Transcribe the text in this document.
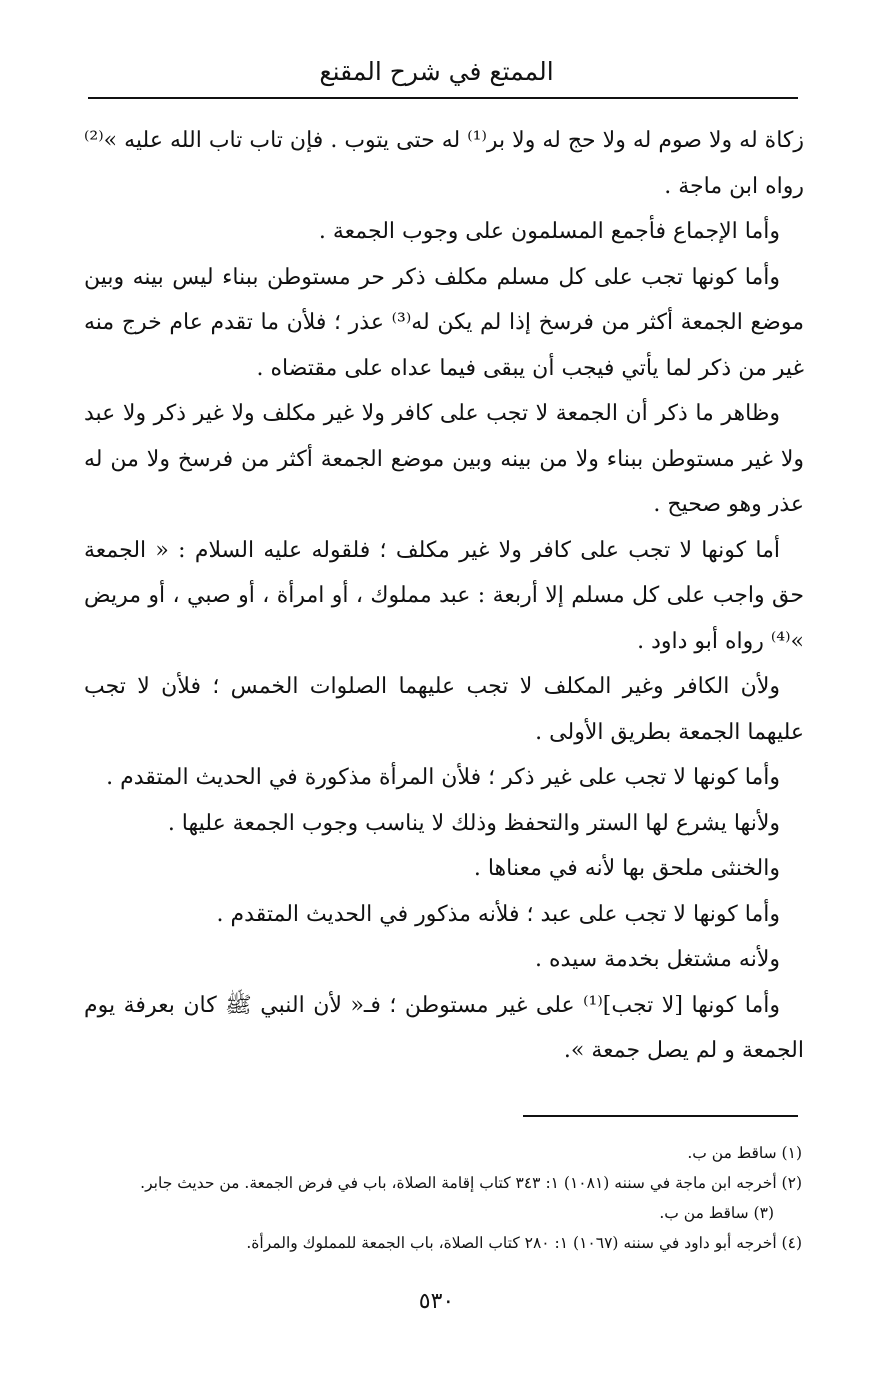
الممتع في شرح المقنع

زكاة له ولا صوم له ولا حج له ولا بر⁽¹⁾ له حتى يتوب . فإن تاب تاب الله عليه »⁽²⁾ رواه ابن ماجة .

وأما الإجماع فأجمع المسلمون على وجوب الجمعة .

وأما كونها تجب على كل مسلم مكلف ذكر حر مستوطن ببناء ليس بينه وبين موضع الجمعة أكثر من فرسخ إذا لم يكن له⁽³⁾ عذر ؛ فلأن ما تقدم عام خرج منه غير من ذكر لما يأتي فيجب أن يبقى فيما عداه على مقتضاه .

وظاهر ما ذكر أن الجمعة لا تجب على كافر ولا غير مكلف ولا غير ذكر ولا عبد ولا غير مستوطن ببناء ولا من بينه وبين موضع الجمعة أكثر من فرسخ ولا من له عذر وهو صحيح .

أما كونها لا تجب على كافر ولا غير مكلف ؛ فلقوله عليه السلام : « الجمعة حق واجب على كل مسلم إلا أربعة : عبد مملوك ، أو امرأة ، أو صبي ، أو مريض »⁽⁴⁾ رواه أبو داود .

ولأن الكافر وغير المكلف لا تجب عليهما الصلوات الخمس ؛ فلأن لا تجب عليهما الجمعة بطريق الأولى .

وأما كونها لا تجب على غير ذكر ؛ فلأن المرأة مذكورة في الحديث المتقدم .

ولأنها يشرع لها الستر والتحفظ وذلك لا يناسب وجوب الجمعة عليها .

والخنثى ملحق بها لأنه في معناها .

وأما كونها لا تجب على عبد ؛ فلأنه مذكور في الحديث المتقدم .

ولأنه مشتغل بخدمة سيده .

وأما كونها [لا تجب]⁽¹⁾ على غير مستوطن ؛ فـ« لأن النبي ﷺ كان بعرفة يوم الجمعة و لم يصل جمعة ».

(١) ساقط من ب.

(٢) أخرجه ابن ماجة في سننه (١٠٨١) ١: ٣٤٣ كتاب إقامة الصلاة، باب في فرض الجمعة. من حديث جابر.

(٣) ساقط من ب.

(٤) أخرجه أبو داود في سننه (١٠٦٧) ١: ٢٨٠ كتاب الصلاة، باب الجمعة للمملوك والمرأة.

٥٣٠
